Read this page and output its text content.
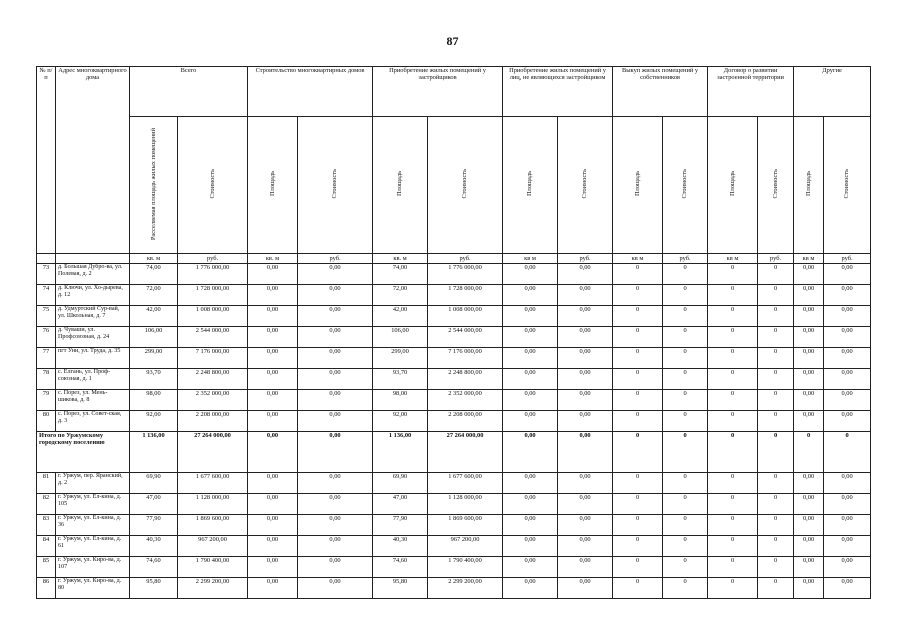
87
№ п/п	Адрес многоквартирного дома	Всего		Строительство многоквартирных домов		Приобретение жилых помещений у застройщиков		Приобретение жилых помещений у лиц, не являющихся застройщиком		Выкуп жилых помещений у собственников		Договор о развитии застроенной территории		Другие	
		Расселяемая площадь жилых помещений	Стоимость	Площадь	Стоимость	Площадь	Стоимость	Площадь	Стоимость	Площадь	Стоимость	Площадь	Стоимость	Площадь	Стоимость
		кв. м	руб.	кв. м	руб.	кв. м	руб.	кв м	руб.	кв м	руб.	кв м	руб.	кв м	руб.
73	д. Большая Дубро-ва, ул. Полевая, д. 2	74,00	1 776 000,00	0,00	0,00	74,00	1 776 000,00	0,00	0,00	0	0	0	0	0,00	0,00
74	д. Ключи, ул. Хо-дырева, д. 12	72,00	1 728 000,00	0,00	0,00	72,00	1 728 000,00	0,00	0,00	0	0	0	0	0,00	0,00
75	д. Удмуртский Сур-вай, ул. Школьная, д. 7	42,00	1 008 000,00	0,00	0,00	42,00	1 008 000,00	0,00	0,00	0	0	0	0	0,00	0,00
76	д. Чуваши, ул. Профсоюзная, д. 24	106,00	2 544 000,00	0,00	0,00	106,00	2 544 000,00	0,00	0,00	0	0	0	0	0,00	0,00
77	пгт Уни, ул. Труда, д. 35	299,00	7 176 000,00	0,00	0,00	299,00	7 176 000,00	0,00	0,00	0	0	0	0	0,00	0,00
78	с. Елгань, ул. Проф-союзная, д. 1	93,70	2 248 800,00	0,00	0,00	93,70	2 248 800,00	0,00	0,00	0	0	0	0	0,00	0,00
79	с. Порез, ул. Мень-шикова, д. 8	98,00	2 352 000,00	0,00	0,00	98,00	2 352 000,00	0,00	0,00	0	0	0	0	0,00	0,00
80	с. Порез, ул. Совет-ская, д. 3	92,00	2 208 000,00	0,00	0,00	92,00	2 208 000,00	0,00	0,00	0	0	0	0	0,00	0,00
Итого по Уржумскому городскому поселению		1 136,00	27 264 000,00	0,00	0,00	1 136,00	27 264 000,00	0,00	0,00	0	0	0	0	0	0
81	г. Уржум, пер. Яранский, д. 2	69,90	1 677 600,00	0,00	0,00	69,90	1 677 600,00	0,00	0,00	0	0	0	0	0,00	0,00
82	г. Уржум, ул. Ел-кина, д. 105	47,00	1 128 000,00	0,00	0,00	47,00	1 128 000,00	0,00	0,00	0	0	0	0	0,00	0,00
83	г. Уржум, ул. Ел-кина, д. 36	77,90	1 869 600,00	0,00	0,00	77,90	1 869 600,00	0,00	0,00	0	0	0	0	0,00	0,00
84	г. Уржум, ул. Ел-кина, д. 61	40,30	967 200,00	0,00	0,00	40,30	967 200,00	0,00	0,00	0	0	0	0	0,00	0,00
85	г. Уржум, ул. Киро-ва, д. 107	74,60	1 790 400,00	0,00	0,00	74,60	1 790 400,00	0,00	0,00	0	0	0	0	0,00	0,00
86	г. Уржум, ул. Киро-ва, д. 80	95,80	2 299 200,00	0,00	0,00	95,80	2 299 200,00	0,00	0,00	0	0	0	0	0,00	0,00
